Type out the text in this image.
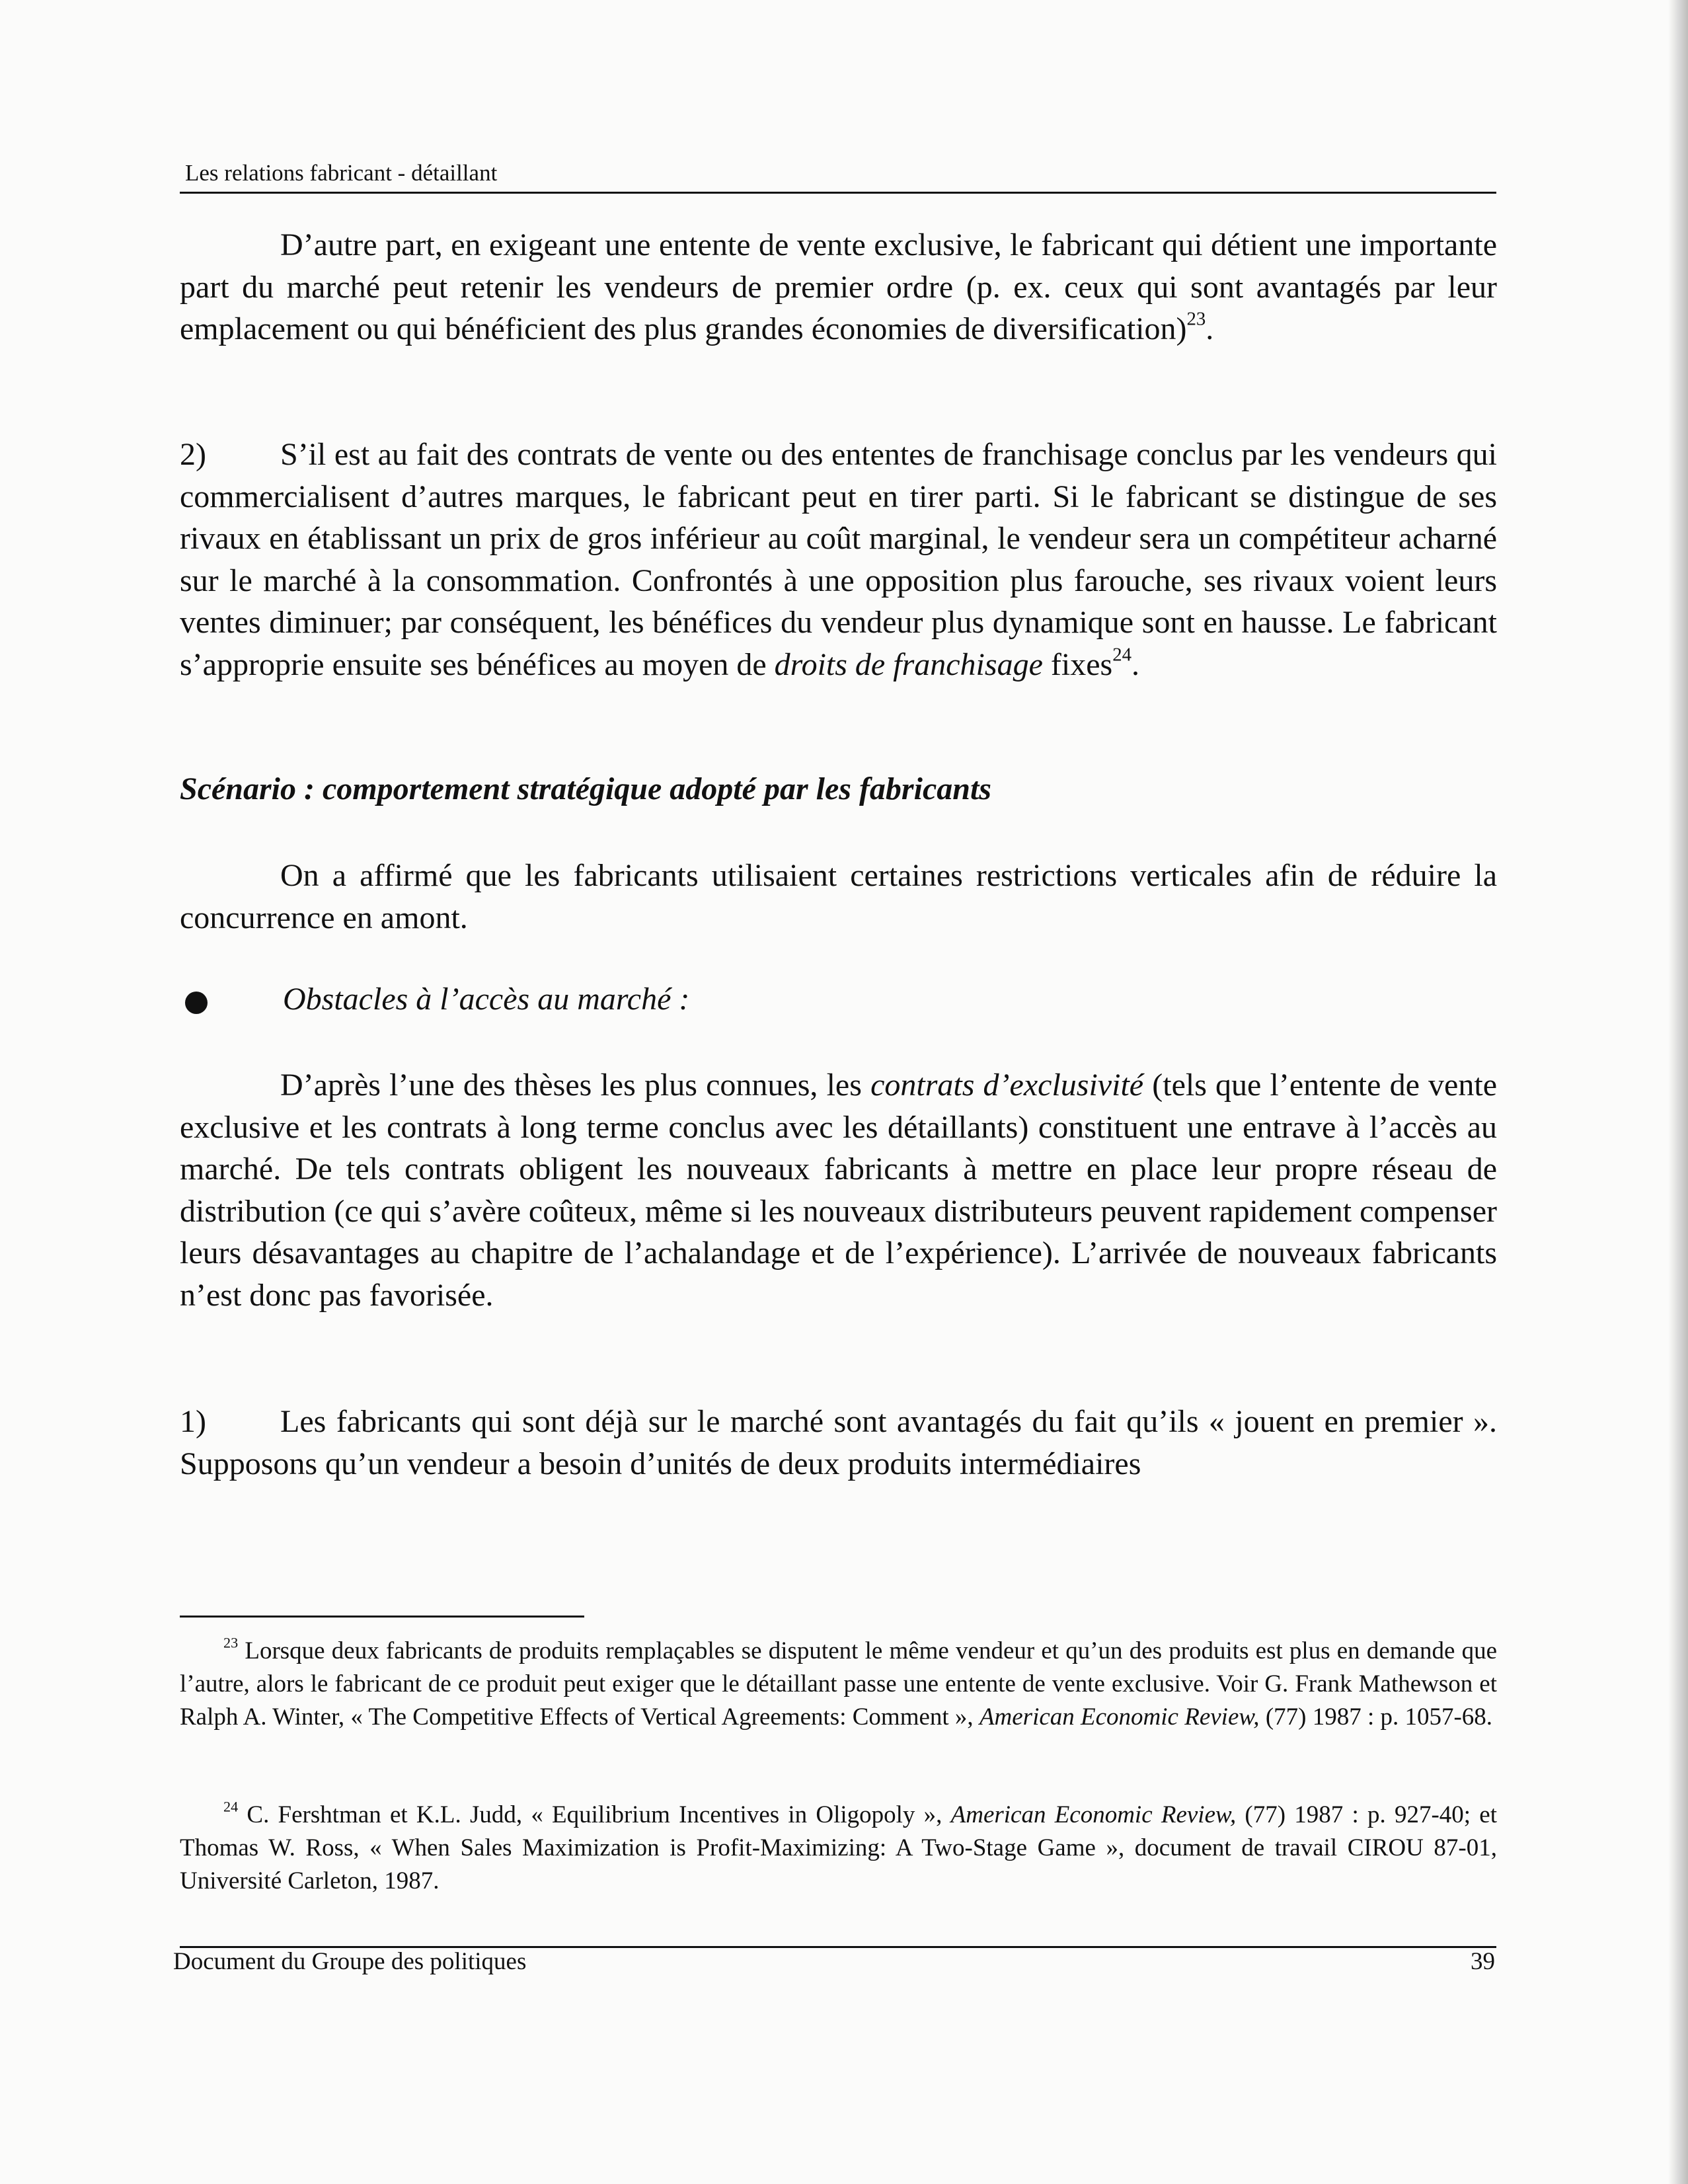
Les relations fabricant - détaillant

D’autre part, en exigeant une entente de vente exclusive, le fabricant qui détient une importante part du marché peut retenir les vendeurs de premier ordre (p. ex. ceux qui sont avantagés par leur emplacement ou qui bénéficient des plus grandes économies de diversification)$^{23}$.

2) S’il est au fait des contrats de vente ou des ententes de franchisage conclus par les vendeurs qui commercialisent d’autres marques, le fabricant peut en tirer parti. Si le fabricant se distingue de ses rivaux en établissant un prix de gros inférieur au coût marginal, le vendeur sera un compétiteur acharné sur le marché à la consommation. Confrontés à une opposition plus farouche, ses rivaux voient leurs ventes diminuer; par conséquent, les bénéfices du vendeur plus dynamique sont en hausse. Le fabricant s’approprie ensuite ses bénéfices au moyen de droits de franchisage fixes$^{24}$.

Scénario : comportement stratégique adopté par les fabricants

On a affirmé que les fabricants utilisaient certaines restrictions verticales afin de réduire la concurrence en amont.

Obstacles à l’accès au marché :

D’après l’une des thèses les plus connues, les contrats d’exclusivité (tels que l’entente de vente exclusive et les contrats à long terme conclus avec les détaillants) constituent une entrave à l’accès au marché. De tels contrats obligent les nouveaux fabricants à mettre en place leur propre réseau de distribution (ce qui s’avère coûteux, même si les nouveaux distributeurs peuvent rapidement compenser leurs désavantages au chapitre de l’achalandage et de l’expérience). L’arrivée de nouveaux fabricants n’est donc pas favorisée.

1) Les fabricants qui sont déjà sur le marché sont avantagés du fait qu’ils « jouent en premier ». Supposons qu’un vendeur a besoin d’unités de deux produits intermédiaires

$^{23}$ Lorsque deux fabricants de produits remplaçables se disputent le même vendeur et qu’un des produits est plus en demande que l’autre, alors le fabricant de ce produit peut exiger que le détaillant passe une entente de vente exclusive. Voir G. Frank Mathewson et Ralph A. Winter, « The Competitive Effects of Vertical Agreements: Comment », American Economic Review, (77) 1987 : p. 1057-68.

$^{24}$ C. Fershtman et K.L. Judd, « Equilibrium Incentives in Oligopoly », American Economic Review, (77) 1987 : p. 927-40; et Thomas W. Ross, « When Sales Maximization is Profit-Maximizing: A Two-Stage Game », document de travail CIROU 87-01, Université Carleton, 1987.

Document du Groupe des politiques	39
